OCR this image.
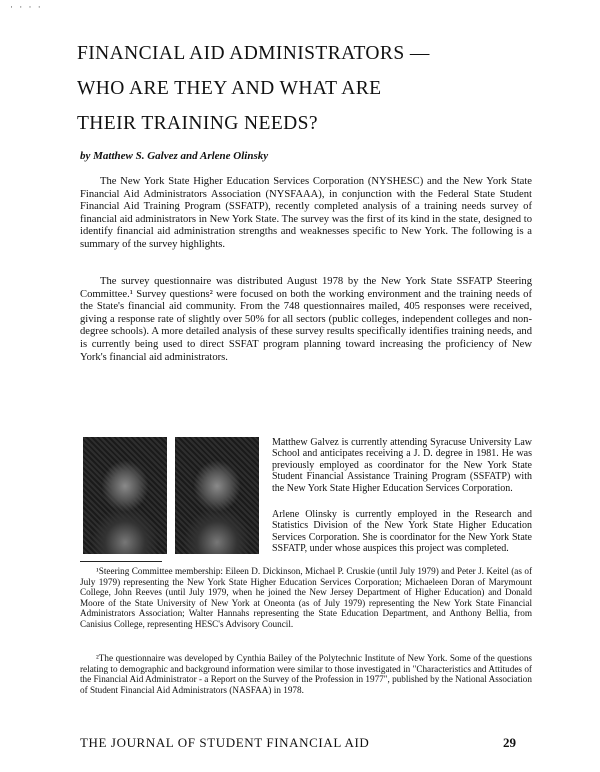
· · · ·
FINANCIAL AID ADMINISTRATORS —
WHO ARE THEY AND WHAT ARE
THEIR TRAINING NEEDS?
by Matthew S. Galvez and Arlene Olinsky

The New York State Higher Education Services Corporation (NYSHESC) and the New York State Financial Aid Administrators Association (NYSFAAA), in conjunction with the Federal State Student Financial Aid Training Program (SSFATP), recently completed analysis of a training needs survey of financial aid administrators in New York State. The survey was the first of its kind in the state, designed to identify financial aid administration strengths and weaknesses specific to New York. The following is a summary of the survey highlights.

The survey questionnaire was distributed August 1978 by the New York State SSFATP Steering Committee.¹ Survey questions² were focused on both the working environment and the training needs of the State's financial aid community. From the 748 questionnaires mailed, 405 responses were received, giving a response rate of slightly over 50% for all sectors (public colleges, independent colleges and non-degree schools). A more detailed analysis of these survey results specifically identifies training needs, and is currently being used to direct SSFAT program planning toward increasing the proficiency of New York's financial aid administrators.

Matthew Galvez is currently attending Syracuse University Law School and anticipates receiving a J. D. degree in 1981. He was previously employed as coordinator for the New York State Student Financial Assistance Training Program (SSFATP) with the New York State Higher Education Services Corporation.

Arlene Olinsky is currently employed in the Research and Statistics Division of the New York State Higher Education Services Corporation. She is coordinator for the New York State SSFATP, under whose auspices this project was completed.

¹Steering Committee membership: Eileen D. Dickinson, Michael P. Cruskie (until July 1979) and Peter J. Keitel (as of July 1979) representing the New York State Higher Education Services Corporation; Michaeleen Doran of Marymount College, John Reeves (until July 1979, when he joined the New Jersey Department of Higher Education) and Donald Moore of the State University of New York at Oneonta (as of July 1979) representing the New York State Financial Administrators Association; Walter Hannahs representing the State Education Department, and Anthony Bellia, from Canisius College, representing HESC's Advisory Council.

²The questionnaire was developed by Cynthia Bailey of the Polytechnic Institute of New York. Some of the questions relating to demographic and background information were similar to those investigated in "Characteristics and Attitudes of the Financial Aid Administrator - a Report on the Survey of the Profession in 1977", published by the National Association of Student Financial Aid Administrators (NASFAA) in 1978.

THE JOURNAL OF STUDENT FINANCIAL AID	29
